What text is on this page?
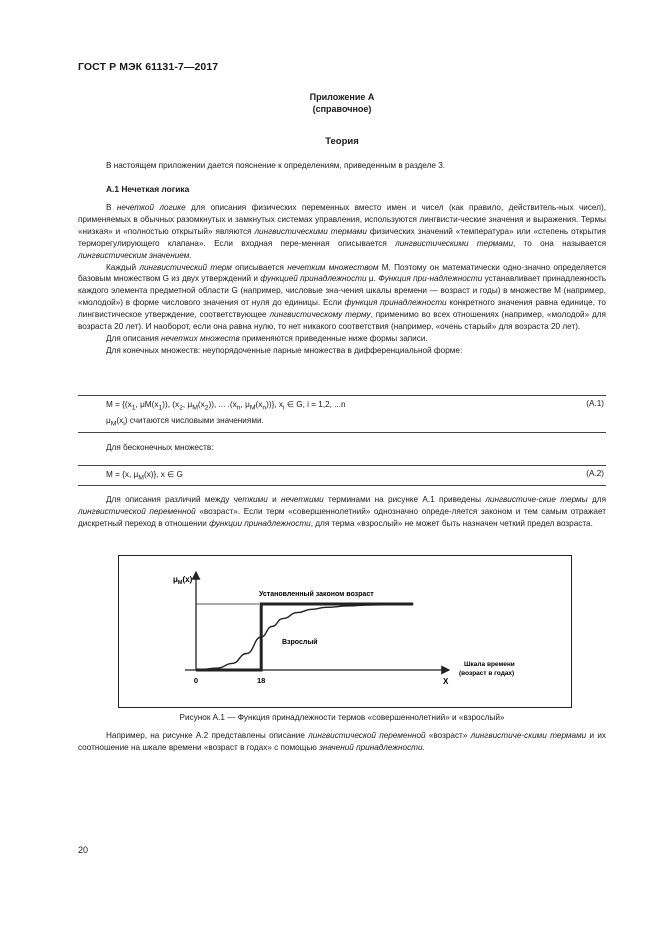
ГОСТ Р МЭК 61131-7—2017
Приложение А
(справочное)
Теория

В настоящем приложении дается пояснение к определениям, приведенным в разделе 3.

А.1 Нечеткая логика

В нечеткой логике для описания физических переменных вместо имен и чисел (как правило, действитель-ных чисел), применяемых в обычных разомкнутых и замкнутых системах управления, используются лингвисти-ческие значения и выражения. Термы «низкая» и «полностью открытый» являются лингвистическими термами физических значений «температура» или «степень открытия терморегулирующего клапана». Если входная пере-менная описывается лингвистическими термами, то она называется лингвистическим значением.

Каждый лингвистический терм описывается нечетким множеством M. Поэтому он математически одно-значно определяется базовым множеством G из двух утверждений и функцией принадлежности μ. Функция при-надлежности устанавливает принадлежность каждого элемента предметной области G (например, числовые зна-чения шкалы времени — возраст и годы) в множестве M (например, «молодой») в форме числового значения от нуля до единицы. Если функция принадлежности конкретного значения равна единице, то лингвистическое утверждение, соответствующее лингвистическому терму, применимо во всех отношениях (например, «молодой» для возраста 20 лет). И наоборот, если она равна нулю, то нет никакого соответствия (например, «очень старый» для возраста 20 лет).

Для описания нечетких множеств применяются приведенные ниже формы записи.

Для конечных множеств: неупорядоченные парные множества в дифференциальной форме:

$M = \{(x_1$, $\mu M(x_1)$), ($x_2$, $\mu_M(x_2)$), ... $.(x_n$, $\mu_M(x_n)$)}, $x_i$ ∈ G, i = 1,2, ...n	(А.1)
$\mu_M(x_i)$ считаются числовыми значениями.
Для бесконечных множеств:
M = {x, $\mu_M(x)$}, x ∈ G	(А.2)

Для описания различий между четкими и нечеткими терминами на рисунке А.1 приведены лингвистиче-ские термы для лингвистической переменной «возраст». Если терм «совершеннолетний» однозначно опреде-ляется законом и тем самым отражает дискретный переход в отношении функции принадлежности, для терма «взрослый» не может быть назначен четкий предел возраста.

$\mu_M(x)$
0	18	X
Шкала времени
(возраст в годах)
Установленный законом возраст
Взрослый
Рисунок А.1 — Функция принадлежности термов «совершеннолетний» и «взрослый»

Например, на рисунке А.2 представлены описание лингвистической переменной «возраст» лингвистиче-скими термами и их соотношение на шкале времени «возраст в годах» с помощью значений принадлежности.

20
